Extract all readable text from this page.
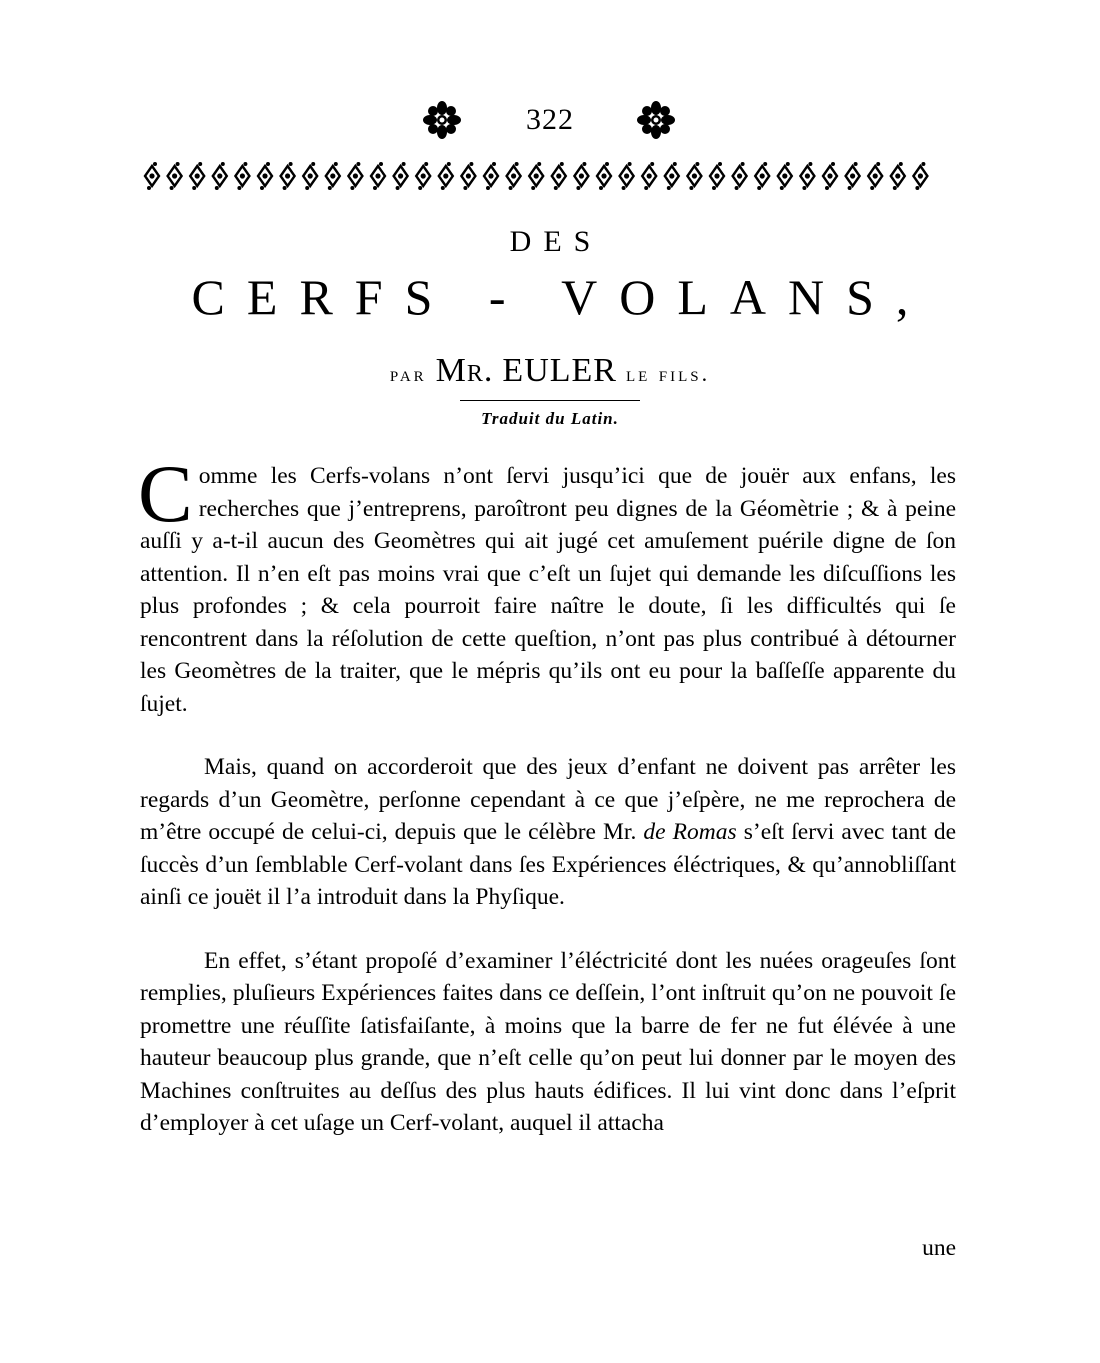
322
DES
CERFS - VOLANS,
par Mr. EULER le fils.
Traduit du Latin.

Comme les Cerfs-volans n’ont ſervi jusqu’ici que de jouër aux enfans, les recherches que j’entreprens, paroîtront peu dignes de la Géomètrie ; & à peine auſſi y a-t-il aucun des Geomètres qui ait jugé cet amuſement puérile digne de ſon attention. Il n’en eſt pas moins vrai que c’eſt un ſujet qui demande les diſcuſſions les plus profondes ; & cela pourroit faire naître le doute, ſi les difficultés qui ſe rencontrent dans la réſolution de cette queſtion, n’ont pas plus contribué à détourner les Geomètres de la traiter, que le mépris qu’ils ont eu pour la baſſeſſe apparente du ſujet.

Mais, quand on accorderoit que des jeux d’enfant ne doivent pas arrêter les regards d’un Geomètre, perſonne cependant à ce que j’eſpère, ne me reprochera de m’être occupé de celui-ci, depuis que le célèbre Mr. de Romas s’eſt ſervi avec tant de ſuccès d’un ſemblable Cerf-volant dans ſes Expériences éléctriques, & qu’annobliſſant ainſi ce jouët il l’a introduit dans la Phyſique.

En effet, s’étant propoſé d’examiner l’éléctricité dont les nuées orageuſes ſont remplies, pluſieurs Expériences faites dans ce deſſein, l’ont inſtruit qu’on ne pouvoit ſe promettre une réuſſite ſatisfaiſante, à moins que la barre de fer ne fut élévée à une hauteur beaucoup plus grande, que n’eſt celle qu’on peut lui donner par le moyen des Machines conſtruites au deſſus des plus hauts édifices. Il lui vint donc dans l’eſprit d’employer à cet uſage un Cerf-volant, auquel il attacha

une
